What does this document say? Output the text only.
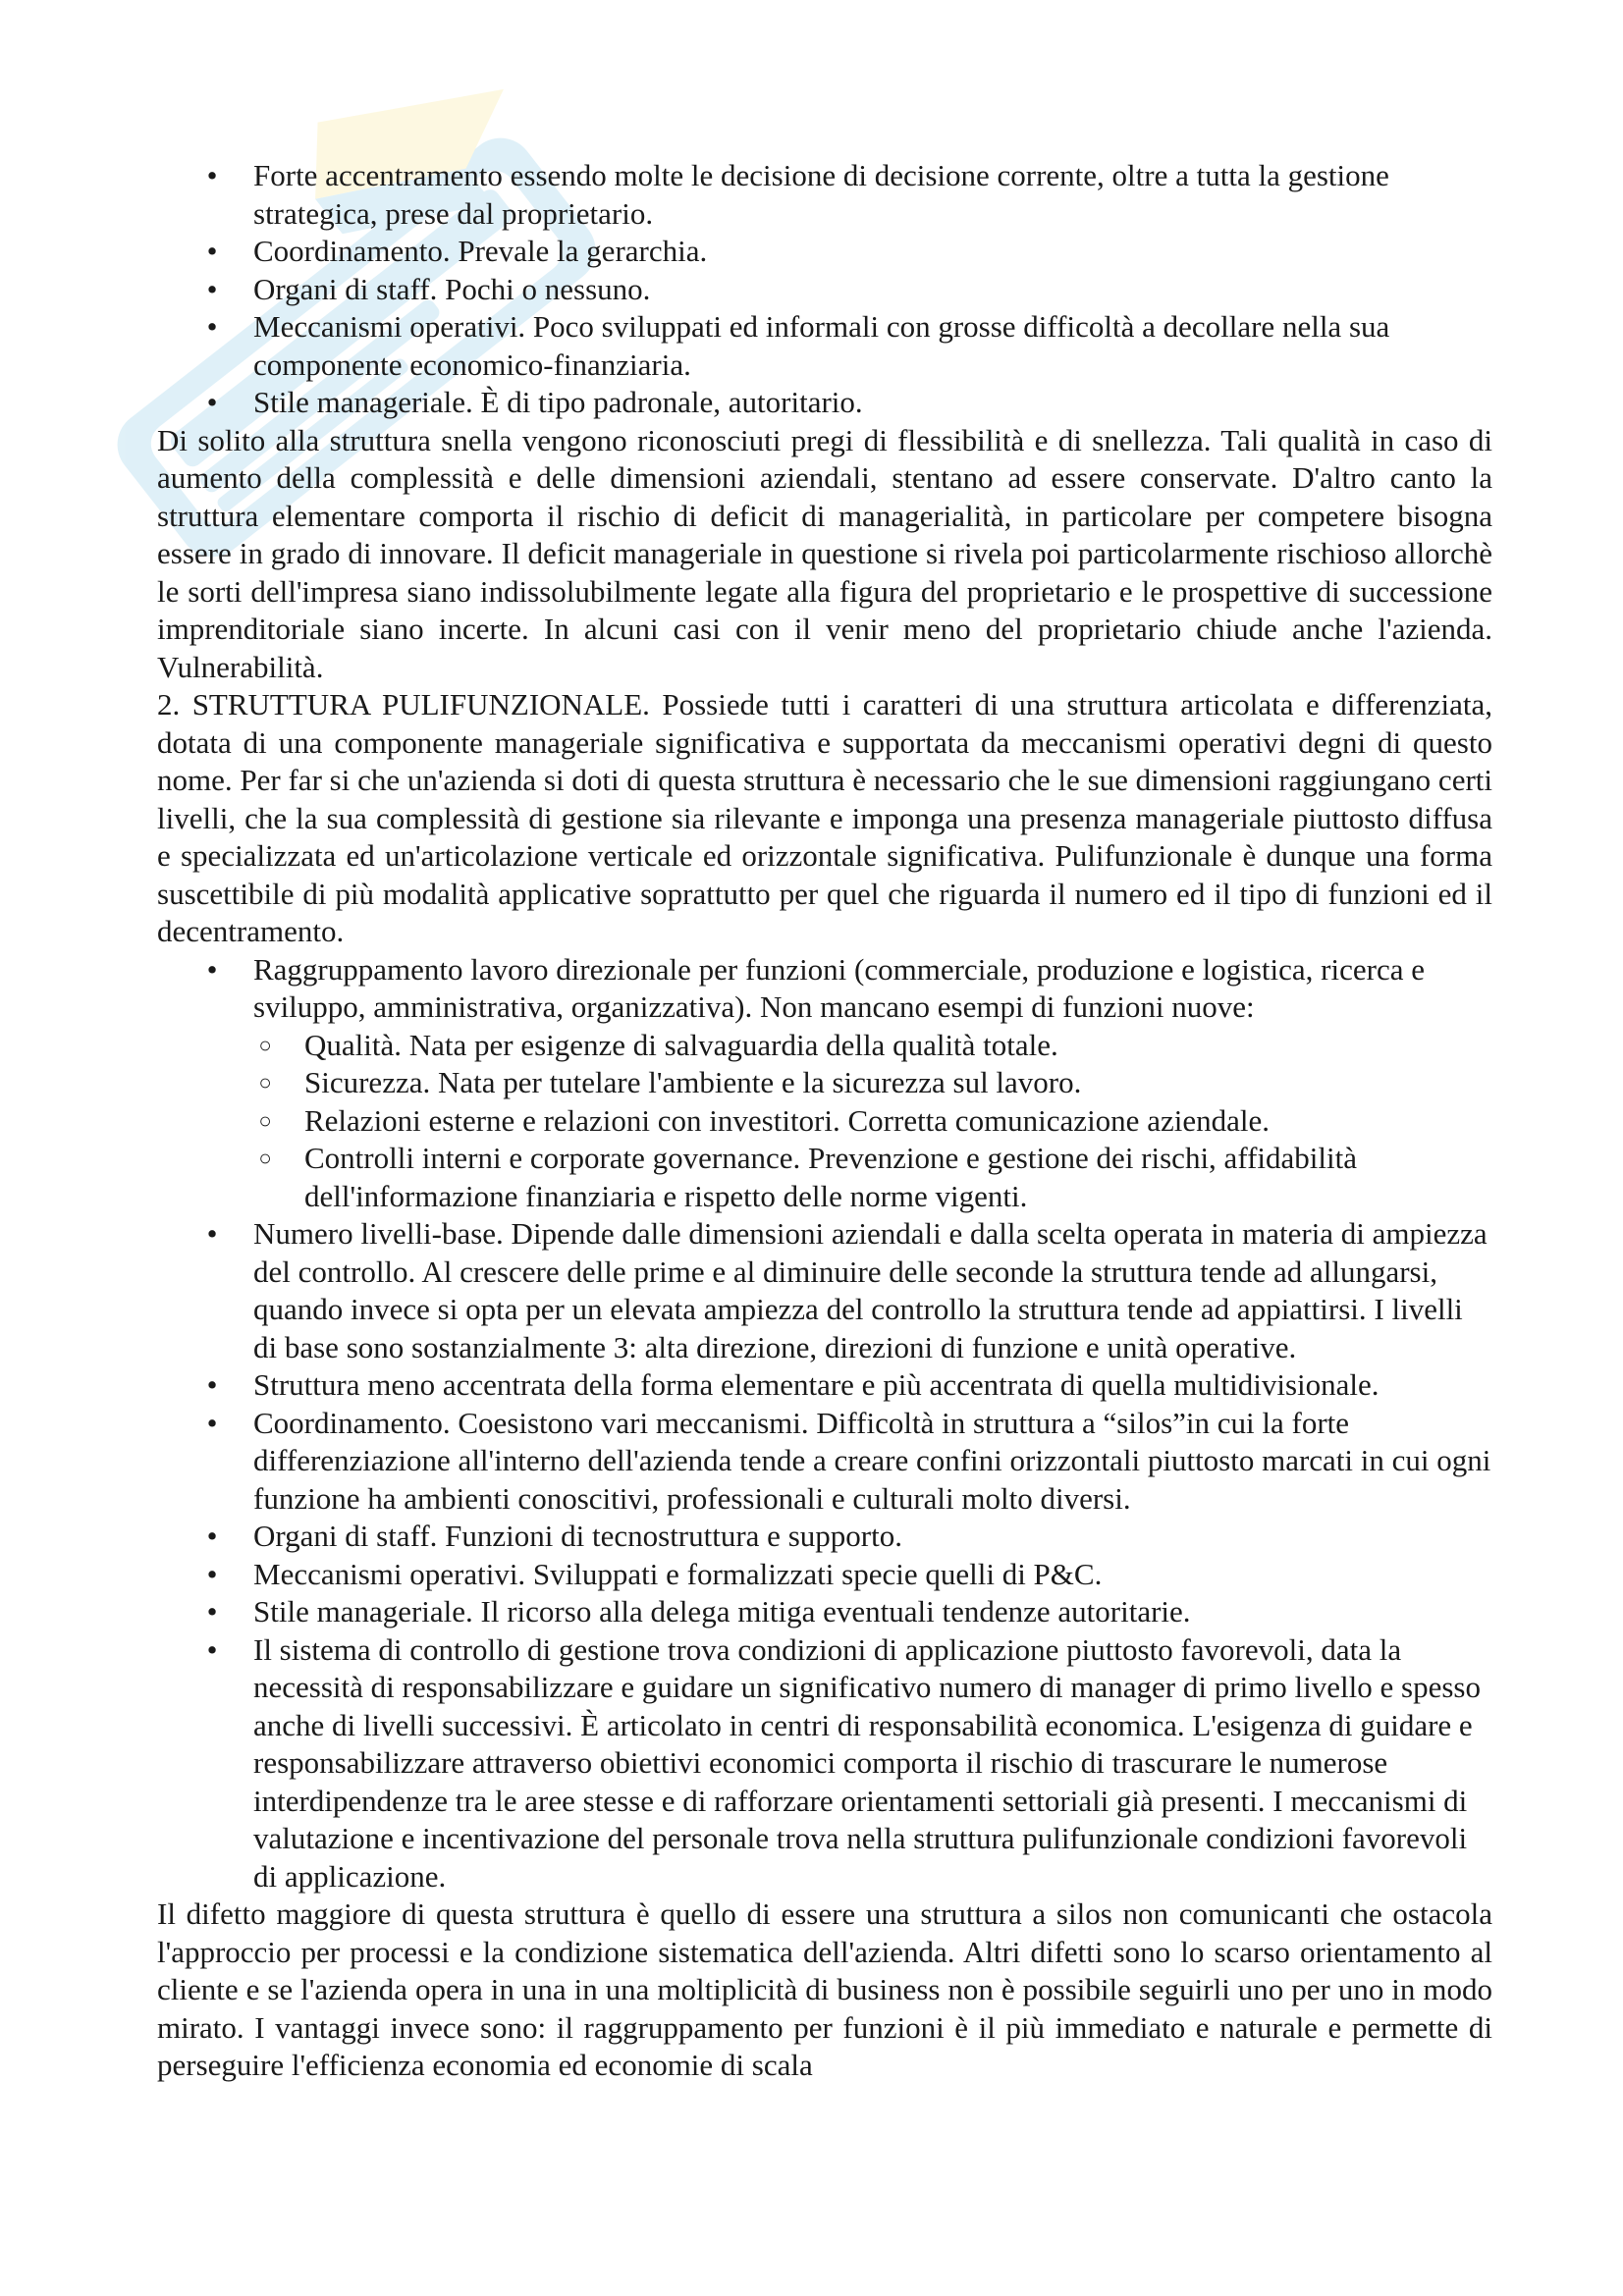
• Forte accentramento essendo molte le decisione di decisione corrente, oltre a tutta la gestione strategica, prese dal proprietario.
• Coordinamento. Prevale la gerarchia.
• Organi di staff. Pochi o nessuno.
• Meccanismi operativi. Poco sviluppati ed informali con grosse difficoltà a decollare nella sua componente economico-finanziaria.
• Stile manageriale. È di tipo padronale, autoritario.

Di solito alla struttura snella vengono riconosciuti pregi di flessibilità e di snellezza. Tali qualità in caso di aumento della complessità e delle dimensioni aziendali, stentano ad essere conservate. D'altro canto la struttura elementare comporta il rischio di deficit di managerialità, in particolare per competere bisogna essere in grado di innovare. Il deficit manageriale in questione si rivela poi particolarmente rischioso allorchè le sorti dell'impresa siano indissolubilmente legate alla figura del proprietario e le prospettive di successione imprenditoriale siano incerte. In alcuni casi con il venir meno del proprietario chiude anche l'azienda. Vulnerabilità.

2. STRUTTURA PULIFUNZIONALE. Possiede tutti i caratteri di una struttura articolata e differenziata, dotata di una componente manageriale significativa e supportata da meccanismi operativi degni di questo nome. Per far si che un'azienda si doti di questa struttura è necessario che le sue dimensioni raggiungano certi livelli, che la sua complessità di gestione sia rilevante e imponga una presenza manageriale piuttosto diffusa e specializzata ed un'articolazione verticale ed orizzontale significativa. Pulifunzionale è dunque una forma suscettibile di più modalità applicative soprattutto per quel che riguarda il numero ed il tipo di funzioni ed il decentramento.

• Raggruppamento lavoro direzionale per funzioni (commerciale, produzione e logistica, ricerca e sviluppo, amministrativa, organizzativa). Non mancano esempi di funzioni nuove:
○ Qualità. Nata per esigenze di salvaguardia della qualità totale.
○ Sicurezza. Nata per tutelare l'ambiente e la sicurezza sul lavoro.
○ Relazioni esterne e relazioni con investitori. Corretta comunicazione aziendale.
○ Controlli interni e corporate governance. Prevenzione e gestione dei rischi, affidabilità dell'informazione finanziaria e rispetto delle norme vigenti.
• Numero livelli-base. Dipende dalle dimensioni aziendali e dalla scelta operata in materia di ampiezza del controllo. Al crescere delle prime e al diminuire delle seconde la struttura tende ad allungarsi, quando invece si opta per un elevata ampiezza del controllo la struttura tende ad appiattirsi. I livelli di base sono sostanzialmente 3: alta direzione, direzioni di funzione e unità operative.
• Struttura meno accentrata della forma elementare e più accentrata di quella multidivisionale.
• Coordinamento. Coesistono vari meccanismi. Difficoltà in struttura a “silos”in cui la forte differenziazione all'interno dell'azienda tende a creare confini orizzontali piuttosto marcati in cui ogni funzione ha ambienti conoscitivi, professionali e culturali molto diversi.
• Organi di staff. Funzioni di tecnostruttura e supporto.
• Meccanismi operativi. Sviluppati e formalizzati specie quelli di P&C.
• Stile manageriale. Il ricorso alla delega mitiga eventuali tendenze autoritarie.
• Il sistema di controllo di gestione trova condizioni di applicazione piuttosto favorevoli, data la necessità di responsabilizzare e guidare un significativo numero di manager di primo livello e spesso anche di livelli successivi. È articolato in centri di responsabilità economica. L'esigenza di guidare e responsabilizzare attraverso obiettivi economici comporta il rischio di trascurare le numerose interdipendenze tra le aree stesse e di rafforzare orientamenti settoriali già presenti. I meccanismi di valutazione e incentivazione del personale trova nella struttura pulifunzionale condizioni favorevoli di applicazione.

Il difetto maggiore di questa struttura è quello di essere una struttura a silos non comunicanti che ostacola l'approccio per processi e la condizione sistematica dell'azienda. Altri difetti sono lo scarso orientamento al cliente e se l'azienda opera in una in una moltiplicità di business non è possibile seguirli uno per uno in modo mirato. I vantaggi invece sono: il raggruppamento per funzioni è il più immediato e naturale e permette di perseguire l'efficienza economia ed economie di scala
